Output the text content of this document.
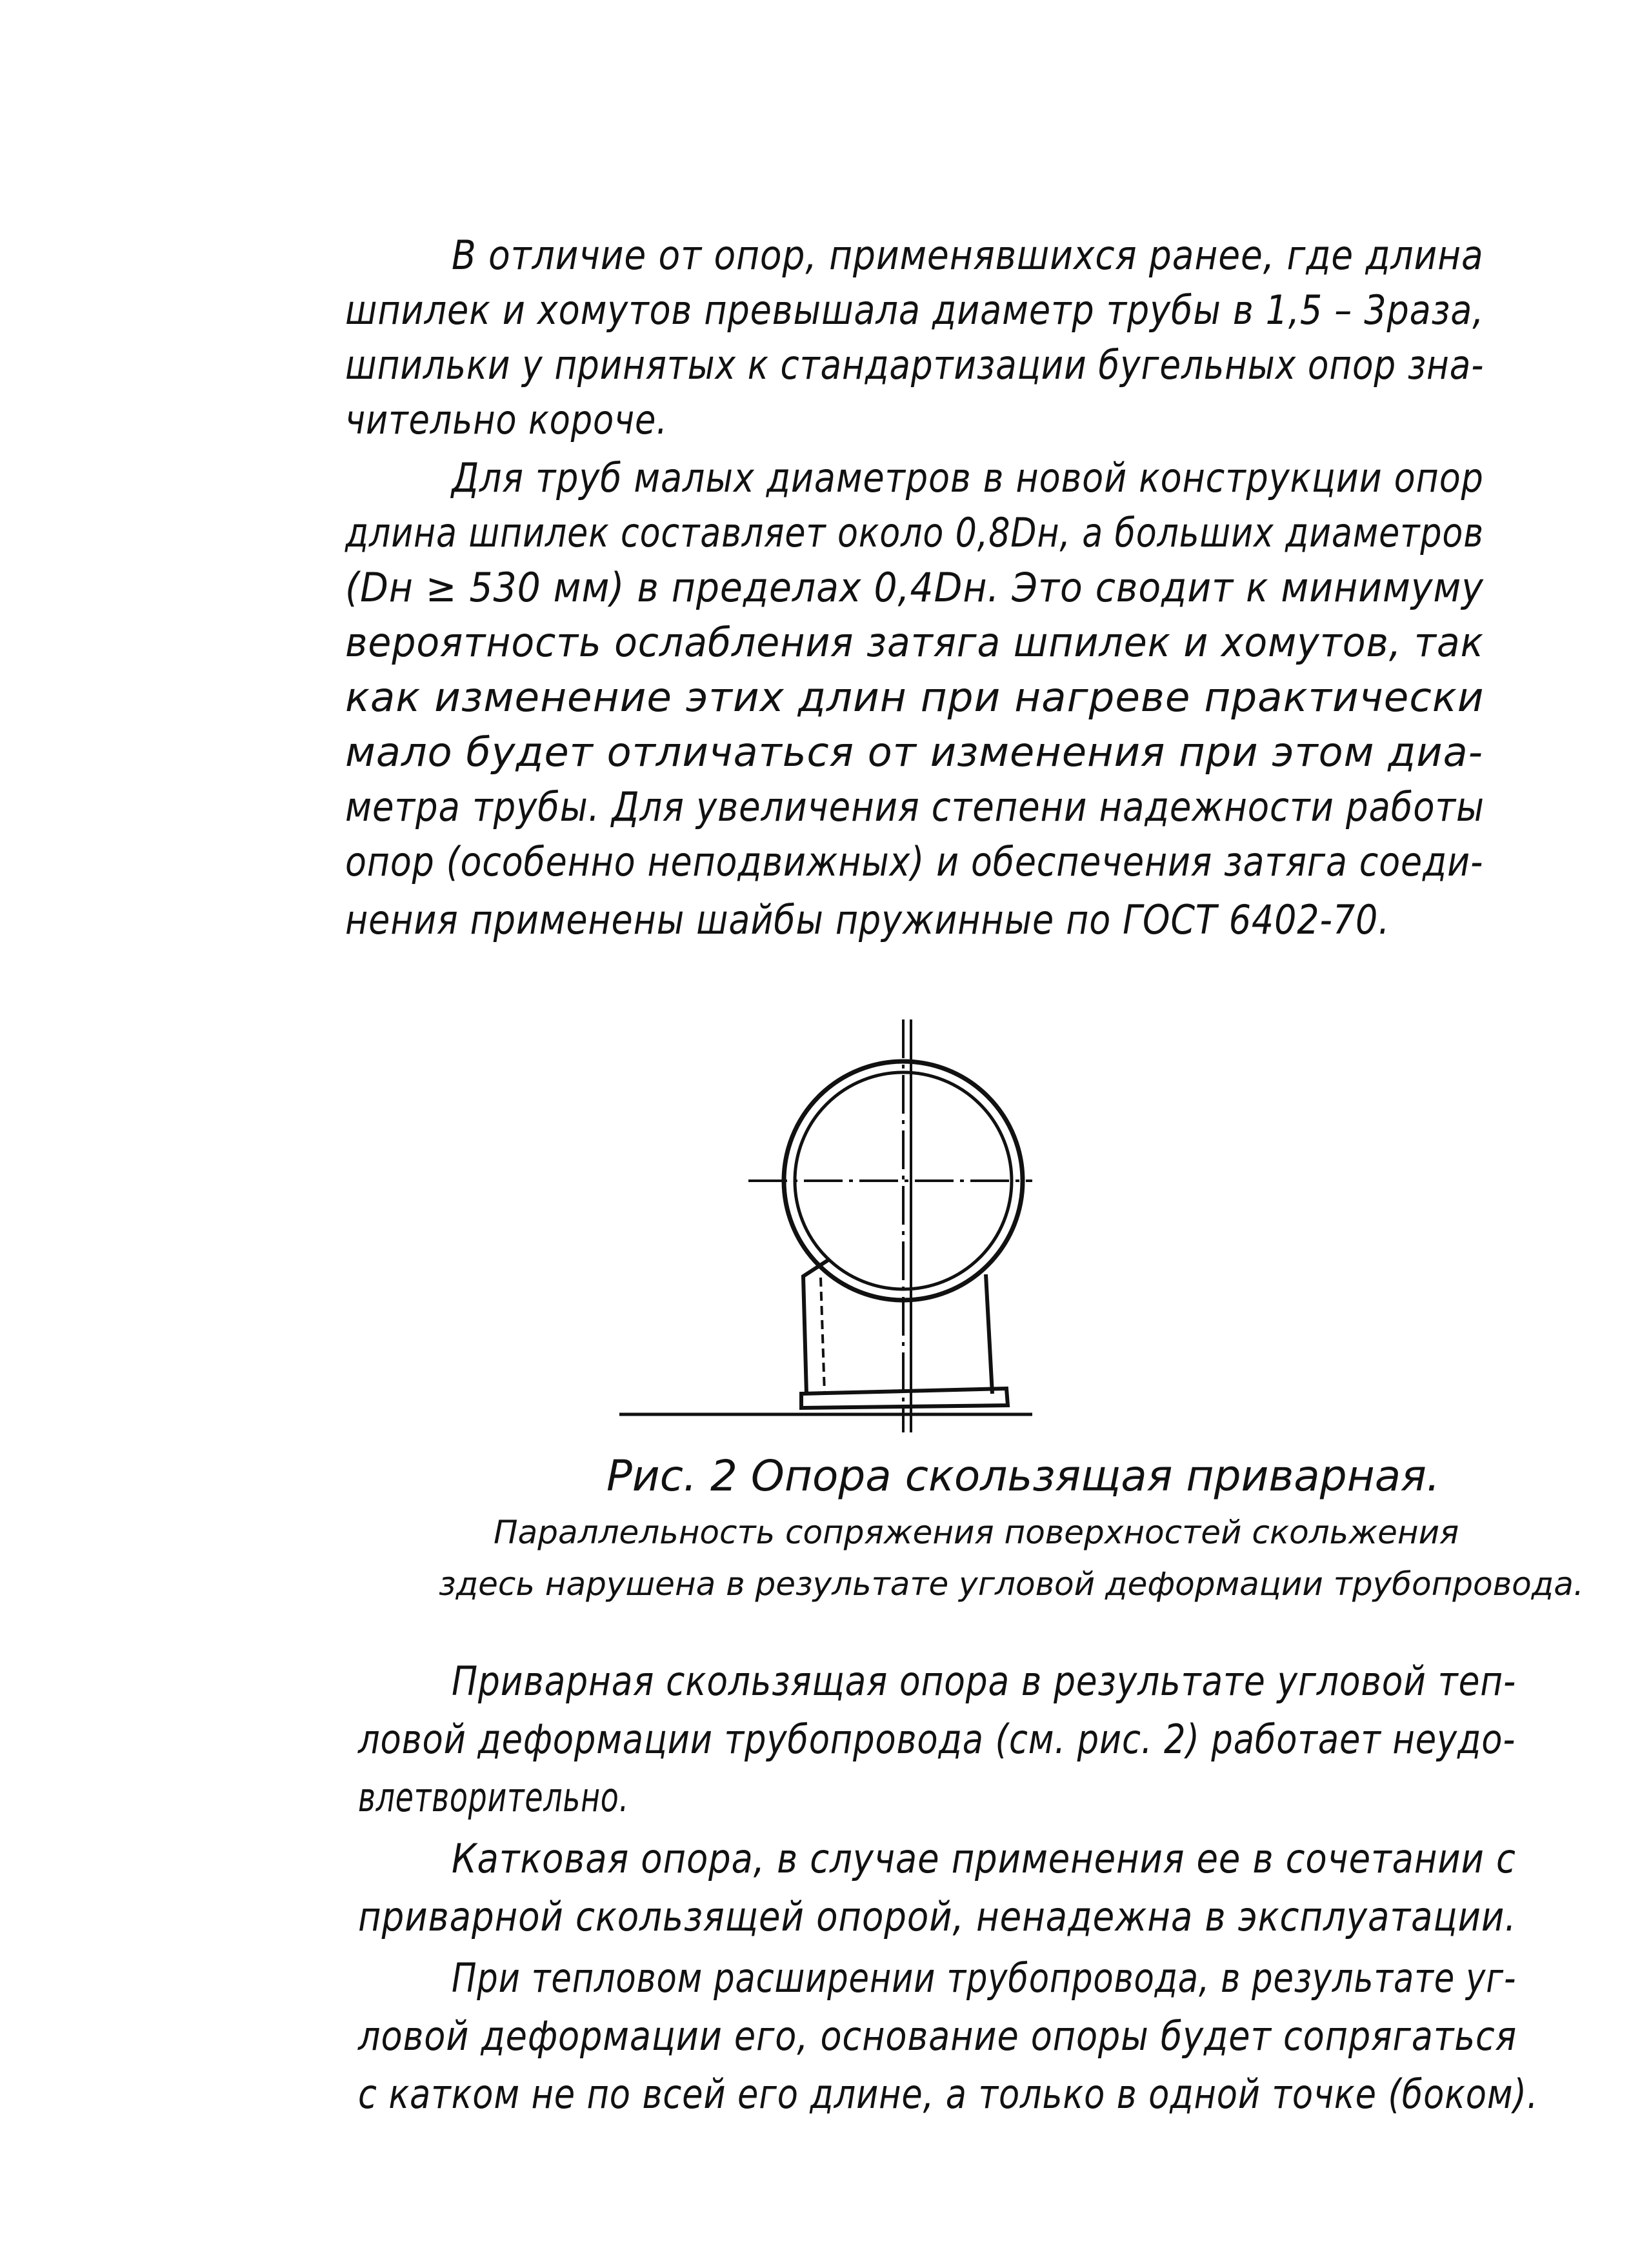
В отличие от опор, применявшихся ранее, где длина
шпилек и хомутов превышала диаметр трубы в 1,5 – 3раза,
шпильки у принятых к стандартизации бугельных опор зна-
чительно короче.
Для труб малых диаметров в новой конструкции опор
длина шпилек составляет около 0,8Dн, а больших диаметров
(Dн ≥ 530 мм) в пределах 0,4Dн. Это сводит к минимуму
вероятность ослабления затяга шпилек и хомутов, так
как изменение этих длин при нагреве практически
мало будет отличаться от изменения при этом диа-
метра трубы. Для увеличения степени надежности работы
опор (особенно неподвижных) и обеспечения затяга соеди-
нения применены шайбы пружинные по ГОСТ 6402-70.
Рис. 2 Опора скользящая приварная.
Параллельность сопряжения поверхностей скольжения
здесь нарушена в результате угловой деформации трубопровода.
Приварная скользящая опора в результате угловой теп-
ловой деформации трубопровода (см. рис. 2) работает неудо-
влетворительно.
Катковая опора, в случае применения ее в сочетании с
приварной скользящей опорой, ненадежна в эксплуатации.
При тепловом расширении трубопровода, в результате уг-
ловой деформации его, основание опоры будет сопрягаться
с катком не по всей его длине, а только в одной точке (боком).
